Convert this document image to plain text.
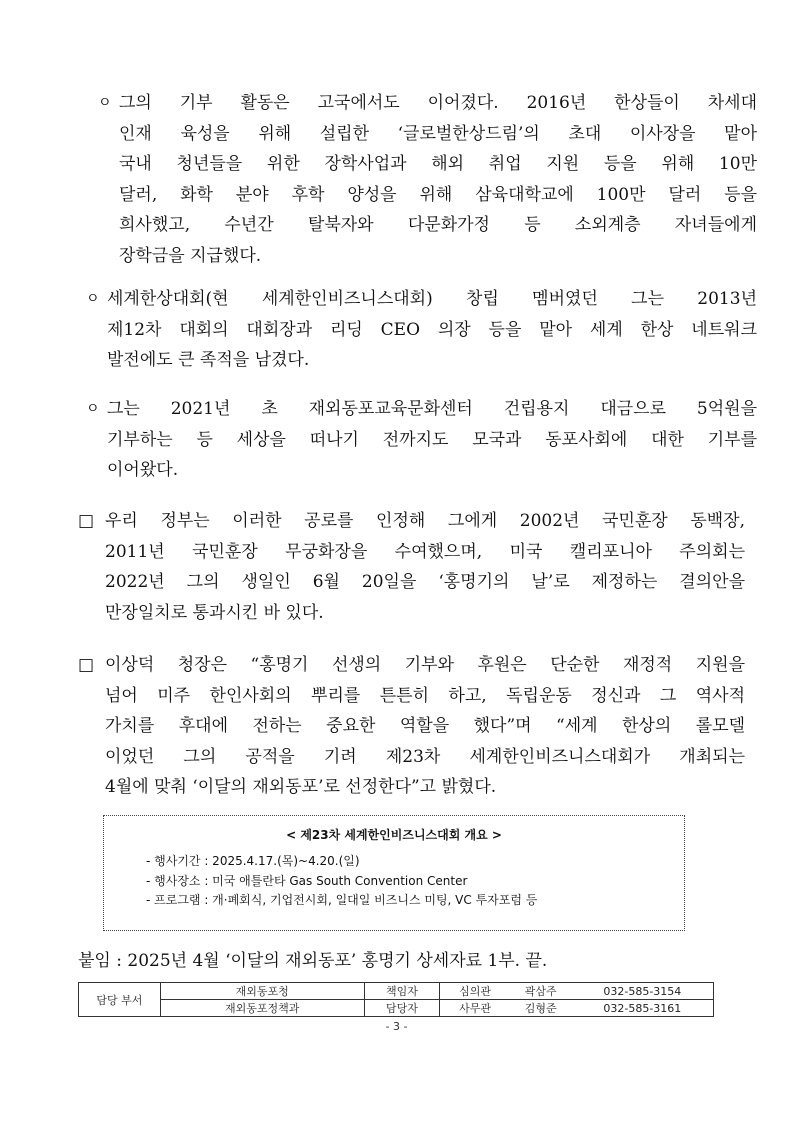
ㅇ 그의 기부 활동은 고국에서도 이어졌다. 2016년 한상들이 차세대
인재 육성을 위해 설립한 ‘글로벌한상드림’의 초대 이사장을 맡아
국내 청년들을 위한 장학사업과 해외 취업 지원 등을 위해 10만
달러, 화학 분야 후학 양성을 위해 삼육대학교에 100만 달러 등을
희사했고, 수년간 탈북자와 다문화가정 등 소외계층 자녀들에게
장학금을 지급했다.
ㅇ 세계한상대회(현 세계한인비즈니스대회) 창립 멤버였던 그는 2013년
제12차 대회의 대회장과 리딩 CEO 의장 등을 맡아 세계 한상 네트워크
발전에도 큰 족적을 남겼다.
ㅇ 그는 2021년 초 재외동포교육문화센터 건립용지 대금으로 5억원을
기부하는 등 세상을 떠나기 전까지도 모국과 동포사회에 대한 기부를
이어왔다.
□ 우리 정부는 이러한 공로를 인정해 그에게 2002년 국민훈장 동백장,
2011년 국민훈장 무궁화장을 수여했으며, 미국 캘리포니아 주의회는
2022년 그의 생일인 6월 20일을 ‘홍명기의 날’로 제정하는 결의안을
만장일치로 통과시킨 바 있다.
□ 이상덕 청장은 “홍명기 선생의 기부와 후원은 단순한 재정적 지원을
넘어 미주 한인사회의 뿌리를 튼튼히 하고, 독립운동 정신과 그 역사적
가치를 후대에 전하는 중요한 역할을 했다”며 “세계 한상의 롤모델
이었던 그의 공적을 기려 제23차 세계한인비즈니스대회가 개최되는
4월에 맞춰 ‘이달의 재외동포’로 선정한다”고 밝혔다.
< 제23차 세계한인비즈니스대회 개요 >
- 행사기간 : 2025.4.17.(목)~4.20.(일)
- 행사장소 : 미국 애틀란타 Gas South Convention Center
- 프로그램 : 개·폐회식, 기업전시회, 일대일 비즈니스 미팅, VC 투자포럼 등
붙임 : 2025년 4월 ‘이달의 재외동포’ 홍명기 상세자료 1부. 끝.
담당 부서	재외동포청	책임자	심의관	곽삼주	032-585-3154
	재외동포정책과	담당자	사무관	김형준	032-585-3161
- 3 -
